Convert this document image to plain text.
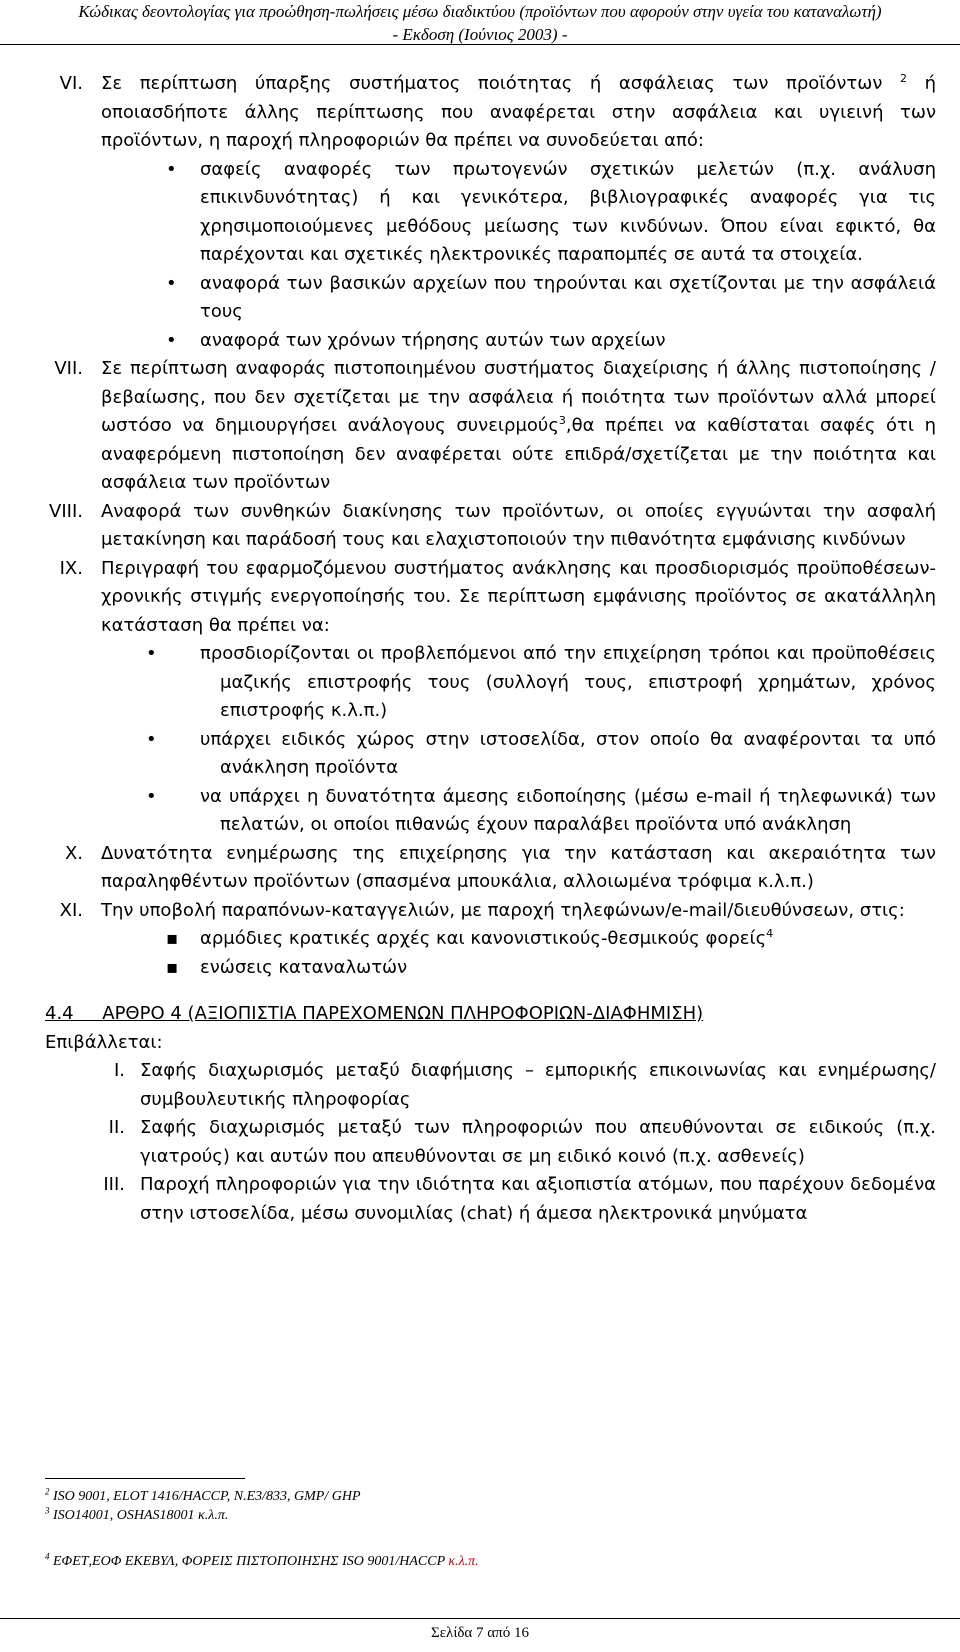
Κώδικας δεοντολογίας για προώθηση-πωλήσεις μέσω διαδικτύου (προϊόντων που αφορούν στην υγεία του καταναλωτή)
- Εκδοση (Ιούνιος 2003) -
VI. Σε περίπτωση ύπαρξης συστήματος ποιότητας ή ασφάλειας των προϊόντων $^2$ ή οποιασδήποτε άλλης περίπτωσης που αναφέρεται στην ασφάλεια και υγιεινή των προϊόντων, η παροχή πληροφοριών θα πρέπει να συνοδεύεται από:
• σαφείς αναφορές των πρωτογενών σχετικών μελετών (π.χ. ανάλυση επικινδυνότητας) ή και γενικότερα, βιβλιογραφικές αναφορές για τις χρησιμοποιούμενες μεθόδους μείωσης των κινδύνων. Όπου είναι εφικτό, θα παρέχονται και σχετικές ηλεκτρονικές παραπομπές σε αυτά τα στοιχεία.
• αναφορά των βασικών αρχείων που τηρούνται και σχετίζονται με την ασφάλειά τους
• αναφορά των χρόνων τήρησης αυτών των αρχείων
VII. Σε περίπτωση αναφοράς πιστοποιημένου συστήματος διαχείρισης ή άλλης πιστοποίησης /βεβαίωσης, που δεν σχετίζεται με την ασφάλεια ή ποιότητα των προϊόντων αλλά μπορεί ωστόσο να δημιουργήσει ανάλογους συνειρμούς$^3$,θα πρέπει να καθίσταται σαφές ότι η αναφερόμενη πιστοποίηση δεν αναφέρεται ούτε επιδρά/σχετίζεται με την ποιότητα και ασφάλεια των προϊόντων
VIII. Αναφορά των συνθηκών διακίνησης των προϊόντων, οι οποίες εγγυώνται την ασφαλή μετακίνηση και παράδοσή τους και ελαχιστοποιούν την πιθανότητα εμφάνισης κινδύνων
IX. Περιγραφή του εφαρμοζόμενου συστήματος ανάκλησης και προσδιορισμός προϋποθέσεων-χρονικής στιγμής ενεργοποίησής του. Σε περίπτωση εμφάνισης προϊόντος σε ακατάλληλη κατάσταση θα πρέπει να:
•	προσδιορίζονται οι προβλεπόμενοι από την επιχείρηση τρόποι και προϋποθέσεις μαζικής επιστροφής τους (συλλογή τους, επιστροφή χρημάτων, χρόνος επιστροφής κ.λ.π.)
•	υπάρχει ειδικός χώρος στην ιστοσελίδα, στον οποίο θα αναφέρονται τα υπό ανάκληση προϊόντα
•	να υπάρχει η δυνατότητα άμεσης ειδοποίησης (μέσω e-mail ή τηλεφωνικά) των πελατών, οι οποίοι πιθανώς έχουν παραλάβει προϊόντα υπό ανάκληση
X. Δυνατότητα ενημέρωσης της επιχείρησης για την κατάσταση και ακεραιότητα των παραληφθέντων προϊόντων (σπασμένα μπουκάλια, αλλοιωμένα τρόφιμα κ.λ.π.)
XI. Την υποβολή παραπόνων-καταγγελιών, με παροχή τηλεφώνων/e-mail/διευθύνσεων, στις:
▪ αρμόδιες κρατικές αρχές και κανονιστικούς-θεσμικούς φορείς$^4$
▪ ενώσεις καταναλωτών
4.4 ΑΡΘΡΟ 4 (ΑΞΙΟΠΙΣΤΙΑ ΠΑΡΕΧΟΜΕΝΩΝ ΠΛΗΡΟΦΟΡΙΩΝ-ΔΙΑΦΗΜΙΣΗ)
Επιβάλλεται:
I. Σαφής διαχωρισμός μεταξύ διαφήμισης – εμπορικής επικοινωνίας και ενημέρωσης/συμβουλευτικής πληροφορίας
II. Σαφής διαχωρισμός μεταξύ των πληροφοριών που απευθύνονται σε ειδικούς (π.χ. γιατρούς) και αυτών που απευθύνονται σε μη ειδικό κοινό (π.χ. ασθενείς)
III. Παροχή πληροφοριών για την ιδιότητα και αξιοπιστία ατόμων, που παρέχουν δεδομένα στην ιστοσελίδα, μέσω συνομιλίας (chat) ή άμεσα ηλεκτρονικά μηνύματα
$^2$ ISO 9001, ELOT 1416/HACCP, N.E3/833, GMP/ GHP
$^3$ ISO14001, OSHAS18001 κ.λ.π.
$^4$ ΕΦΕΤ,ΕΟΦ ΕΚΕΒΥΛ, ΦΟΡΕΙΣ ΠΙΣΤΟΠΟΙΗΣΗΣ ISO 9001/HACCP κ.λ.π.
Σελίδα 7 από 16
